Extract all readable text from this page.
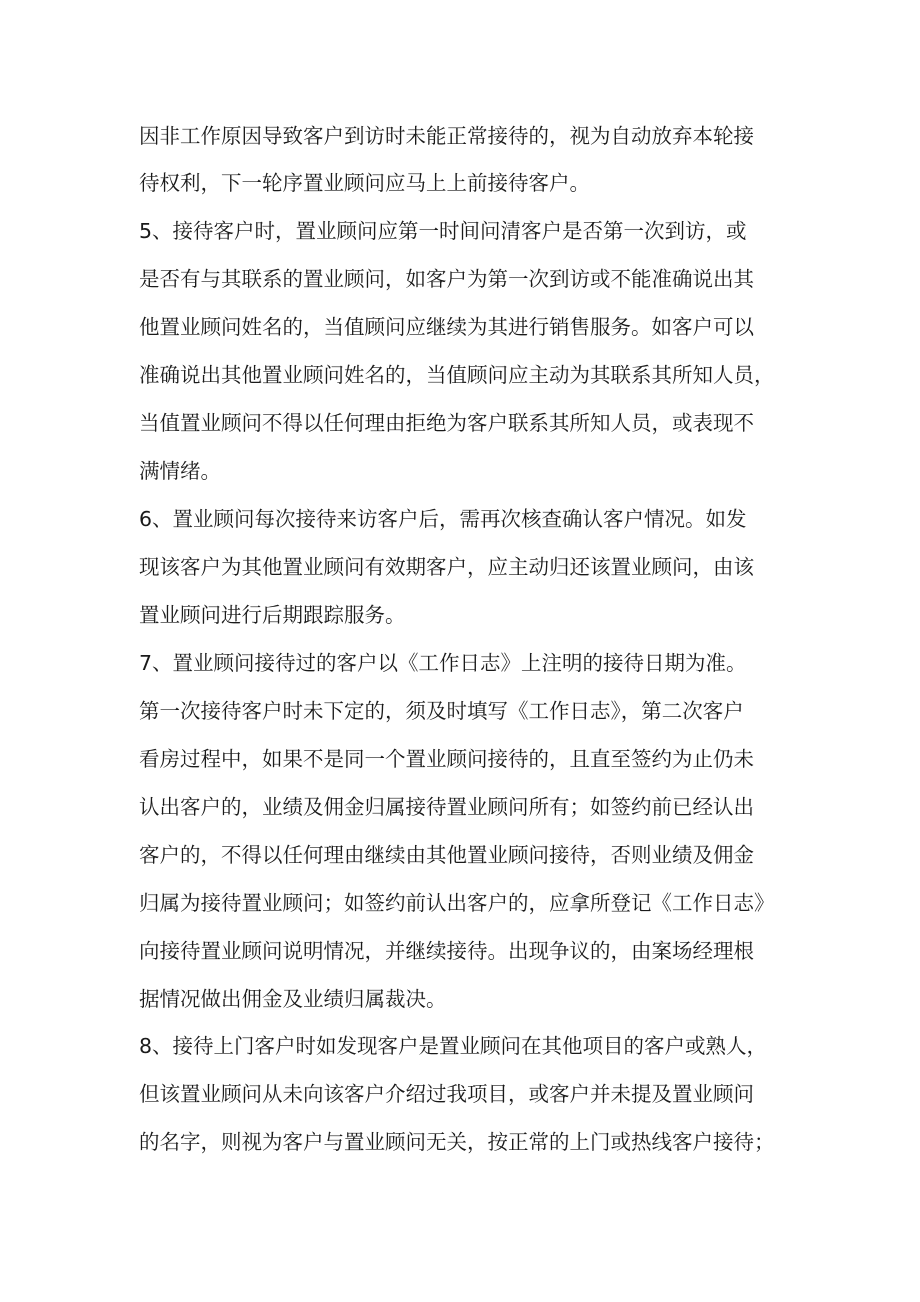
因非工作原因导致客户到访时未能正常接待的，视为自动放弃本轮接
待权利，下一轮序置业顾问应马上上前接待客户。
5、接待客户时，置业顾问应第一时间问清客户是否第一次到访，或
是否有与其联系的置业顾问，如客户为第一次到访或不能准确说出其
他置业顾问姓名的，当值顾问应继续为其进行销售服务。如客户可以
准确说出其他置业顾问姓名的，当值顾问应主动为其联系其所知人员，
当值置业顾问不得以任何理由拒绝为客户联系其所知人员，或表现不
满情绪。
6、置业顾问每次接待来访客户后，需再次核查确认客户情况。如发
现该客户为其他置业顾问有效期客户，应主动归还该置业顾问，由该
置业顾问进行后期跟踪服务。
7、置业顾问接待过的客户以《工作日志》上注明的接待日期为准。
第一次接待客户时未下定的，须及时填写《工作日志》，第二次客户
看房过程中，如果不是同一个置业顾问接待的，且直至签约为止仍未
认出客户的，业绩及佣金归属接待置业顾问所有；如签约前已经认出
客户的，不得以任何理由继续由其他置业顾问接待，否则业绩及佣金
归属为接待置业顾问；如签约前认出客户的，应拿所登记《工作日志》
向接待置业顾问说明情况，并继续接待。出现争议的，由案场经理根
据情况做出佣金及业绩归属裁决。
8、接待上门客户时如发现客户是置业顾问在其他项目的客户或熟人，
但该置业顾问从未向该客户介绍过我项目，或客户并未提及置业顾问
的名字，则视为客户与置业顾问无关，按正常的上门或热线客户接待；
